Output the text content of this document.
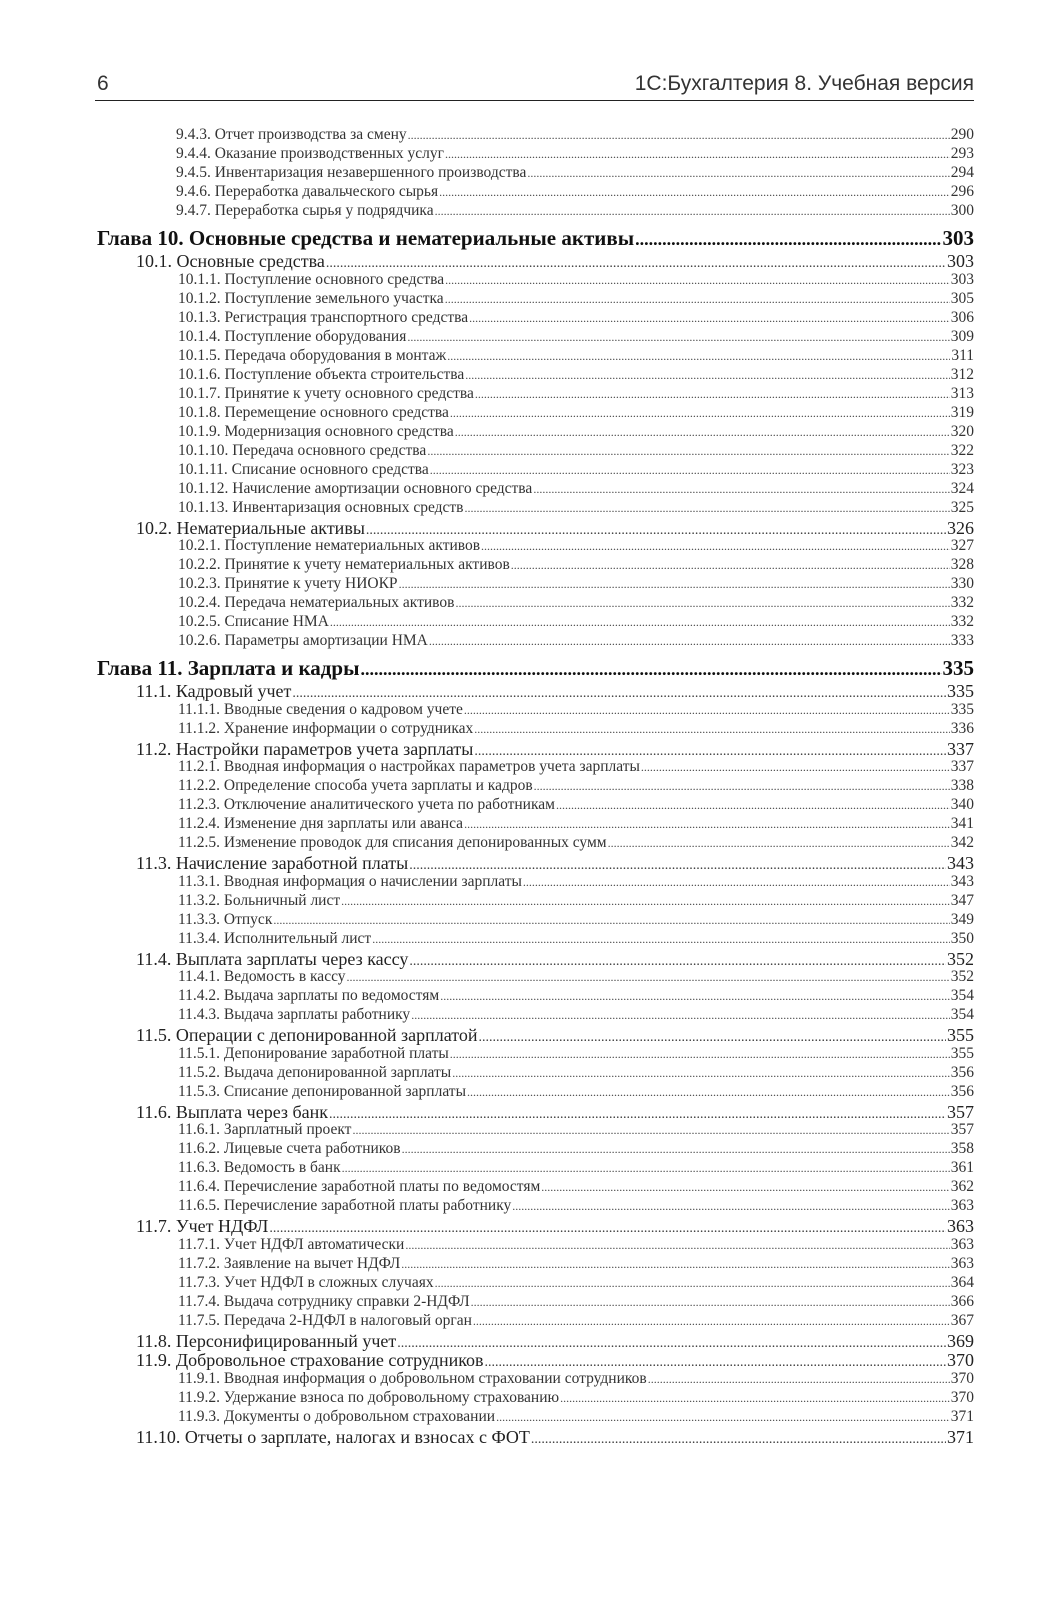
6	1С:Бухгалтерия 8. Учебная версия
9.4.3. Отчет производства за смену .....	290
9.4.4. Оказание производственных услуг .....	293
9.4.5. Инвентаризация незавершенного производства .....	294
9.4.6. Переработка давальческого сырья .....	296
9.4.7. Переработка сырья у подрядчика .....	300
Глава 10. Основные средства и нематериальные активы .....	303
10.1. Основные средства .....	303
10.1.1. Поступление основного средства .....	303
10.1.2. Поступление земельного участка .....	305
10.1.3. Регистрация транспортного средства .....	306
10.1.4. Поступление оборудования .....	309
10.1.5. Передача оборудования в монтаж .....	311
10.1.6. Поступление объекта строительства .....	312
10.1.7. Принятие к учету основного средства .....	313
10.1.8. Перемещение основного средства .....	319
10.1.9. Модернизация основного средства .....	320
10.1.10. Передача основного средства .....	322
10.1.11. Списание основного средства .....	323
10.1.12. Начисление амортизации основного средства .....	324
10.1.13. Инвентаризация основных средств .....	325
10.2. Нематериальные активы .....	326
10.2.1. Поступление нематериальных активов .....	327
10.2.2. Принятие к учету нематериальных активов .....	328
10.2.3. Принятие к учету НИОКР .....	330
10.2.4. Передача нематериальных активов .....	332
10.2.5. Списание НМА .....	332
10.2.6. Параметры амортизации НМА .....	333
Глава 11. Зарплата и кадры .....	335
11.1. Кадровый учет .....	335
11.1.1. Вводные сведения о кадровом учете .....	335
11.1.2. Хранение информации о сотрудниках .....	336
11.2. Настройки параметров учета зарплаты .....	337
11.2.1. Вводная информация о настройках параметров учета зарплаты .....	337
11.2.2. Определение способа учета зарплаты и кадров .....	338
11.2.3. Отключение аналитического учета по работникам .....	340
11.2.4. Изменение дня зарплаты или аванса .....	341
11.2.5. Изменение проводок для списания депонированных сумм .....	342
11.3. Начисление заработной платы .....	343
11.3.1. Вводная информация о начислении зарплаты .....	343
11.3.2. Больничный лист .....	347
11.3.3. Отпуск .....	349
11.3.4. Исполнительный лист .....	350
11.4. Выплата зарплаты через кассу .....	352
11.4.1. Ведомость в кассу .....	352
11.4.2. Выдача зарплаты по ведомостям .....	354
11.4.3. Выдача зарплаты работнику .....	354
11.5. Операции с депонированной зарплатой .....	355
11.5.1. Депонирование заработной платы .....	355
11.5.2. Выдача депонированной зарплаты .....	356
11.5.3. Списание депонированной зарплаты .....	356
11.6. Выплата через банк .....	357
11.6.1. Зарплатный проект .....	357
11.6.2. Лицевые счета работников .....	358
11.6.3. Ведомость в банк .....	361
11.6.4. Перечисление заработной платы по ведомостям .....	362
11.6.5. Перечисление заработной платы работнику .....	363
11.7. Учет НДФЛ .....	363
11.7.1. Учет НДФЛ автоматически .....	363
11.7.2. Заявление на вычет НДФЛ .....	363
11.7.3. Учет НДФЛ в сложных случаях .....	364
11.7.4. Выдача сотруднику справки 2-НДФЛ .....	366
11.7.5. Передача 2-НДФЛ в налоговый орган .....	367
11.8. Персонифицированный учет .....	369
11.9. Добровольное страхование сотрудников .....	370
11.9.1. Вводная информация о добровольном страховании сотрудников .....	370
11.9.2. Удержание взноса по добровольному страхованию .....	370
11.9.3. Документы о добровольном страховании .....	371
11.10. Отчеты о зарплате, налогах и взносах с ФОТ .....	371
